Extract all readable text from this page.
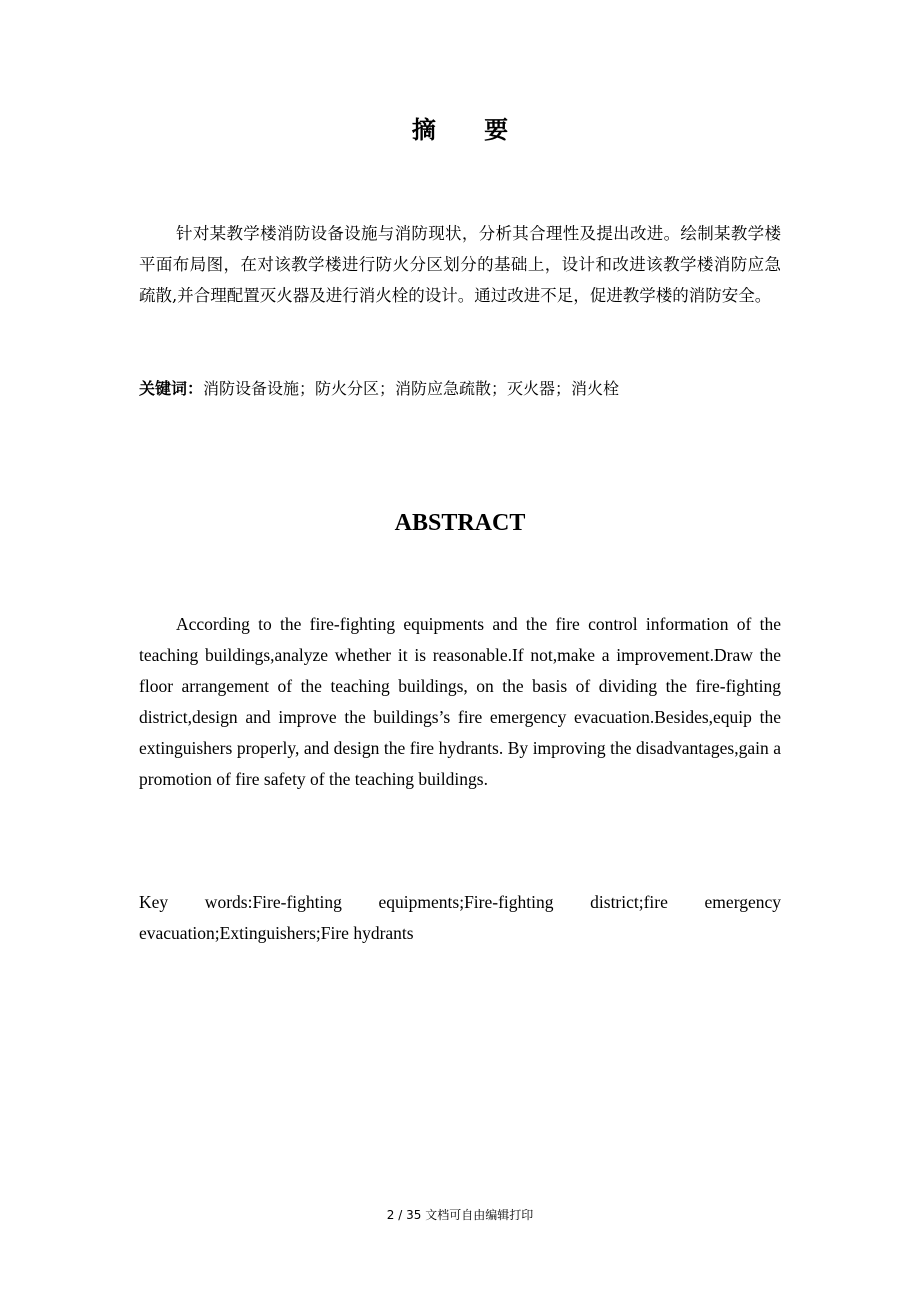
摘 要

针对某教学楼消防设备设施与消防现状，分析其合理性及提出改进。绘制某教学楼平面布局图，在对该教学楼进行防火分区划分的基础上，设计和改进该教学楼消防应急疏散,并合理配置灭火器及进行消火栓的设计。通过改进不足，促进教学楼的消防安全。

关键词：消防设备设施；防火分区；消防应急疏散；灭火器；消火栓

ABSTRACT

According to the fire-fighting equipments and the fire control information of the teaching buildings,analyze whether it is reasonable.If not,make a improvement.Draw the floor arrangement of the teaching buildings, on the basis of dividing the fire-fighting district,design and improve the buildings’s fire emergency evacuation.Besides,equip the extinguishers properly, and design the fire hydrants. By improving the disadvantages,gain a promotion of fire safety of the teaching buildings.

Key words:Fire-fighting equipments;Fire-fighting district;fire emergency evacuation;Extinguishers;Fire hydrants

2 / 35 文档可自由编辑打印
